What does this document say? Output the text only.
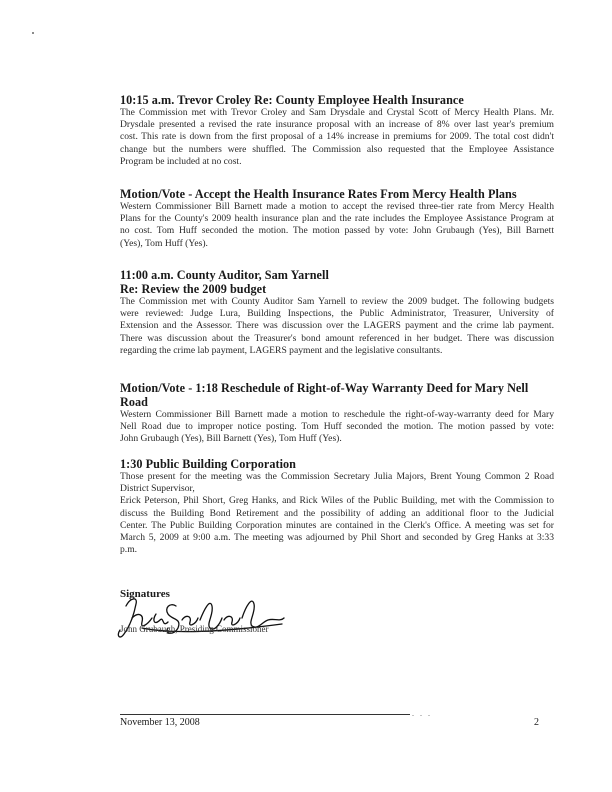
10:15 a.m. Trevor Croley Re: County Employee Health Insurance
The Commission met with Trevor Croley and Sam Drysdale and Crystal Scott of Mercy Health Plans. Mr.
Drysdale presented a revised the rate insurance proposal with an increase of 8% over last year's premium
cost. This rate is down from the first proposal of a 14% increase in premiums for 2009. The total cost didn't
change but the numbers were shuffled. The Commission also requested that the Employee Assistance
Program be included at no cost.
Motion/Vote - Accept the Health Insurance Rates From Mercy Health Plans
Western Commissioner Bill Barnett made a motion to accept the revised three-tier rate from Mercy Health
Plans for the County's 2009 health insurance plan and the rate includes the Employee Assistance Program at
no cost. Tom Huff seconded the motion. The motion passed by vote: John Grubaugh (Yes), Bill Barnett
(Yes), Tom Huff (Yes).
11:00 a.m. County Auditor, Sam Yarnell
Re: Review the 2009 budget
The Commission met with County Auditor Sam Yarnell to review the 2009 budget. The following budgets
were reviewed: Judge Lura, Building Inspections, the Public Administrator, Treasurer, University of
Extension and the Assessor. There was discussion over the LAGERS payment and the crime lab payment.
There was discussion about the Treasurer's bond amount referenced in her budget. There was discussion
regarding the crime lab payment, LAGERS payment and the legislative consultants.
Motion/Vote - 1:18 Reschedule of Right-of-Way Warranty Deed for Mary Nell Road
Western Commissioner Bill Barnett made a motion to reschedule the right-of-way-warranty deed for Mary
Nell Road due to improper notice posting. Tom Huff seconded the motion. The motion passed by vote:
John Grubaugh (Yes), Bill Barnett (Yes), Tom Huff (Yes).
1:30 Public Building Corporation
Those present for the meeting was the Commission Secretary Julia Majors, Brent Young Common 2 Road
District Supervisor,
Erick Peterson, Phil Short, Greg Hanks, and Rick Wiles of the Public Building, met with the Commission to
discuss the Building Bond Retirement and the possibility of adding an additional floor to the Judicial
Center. The Public Building Corporation minutes are contained in the Clerk's Office. A meeting was set for
March 5, 2009 at 9:00 a.m. The meeting was adjourned by Phil Short and seconded by Greg Hanks at 3:33
p.m.
Signatures
John Grubaugh, Presiding Commissioner
. . .
November 13, 2008	2
